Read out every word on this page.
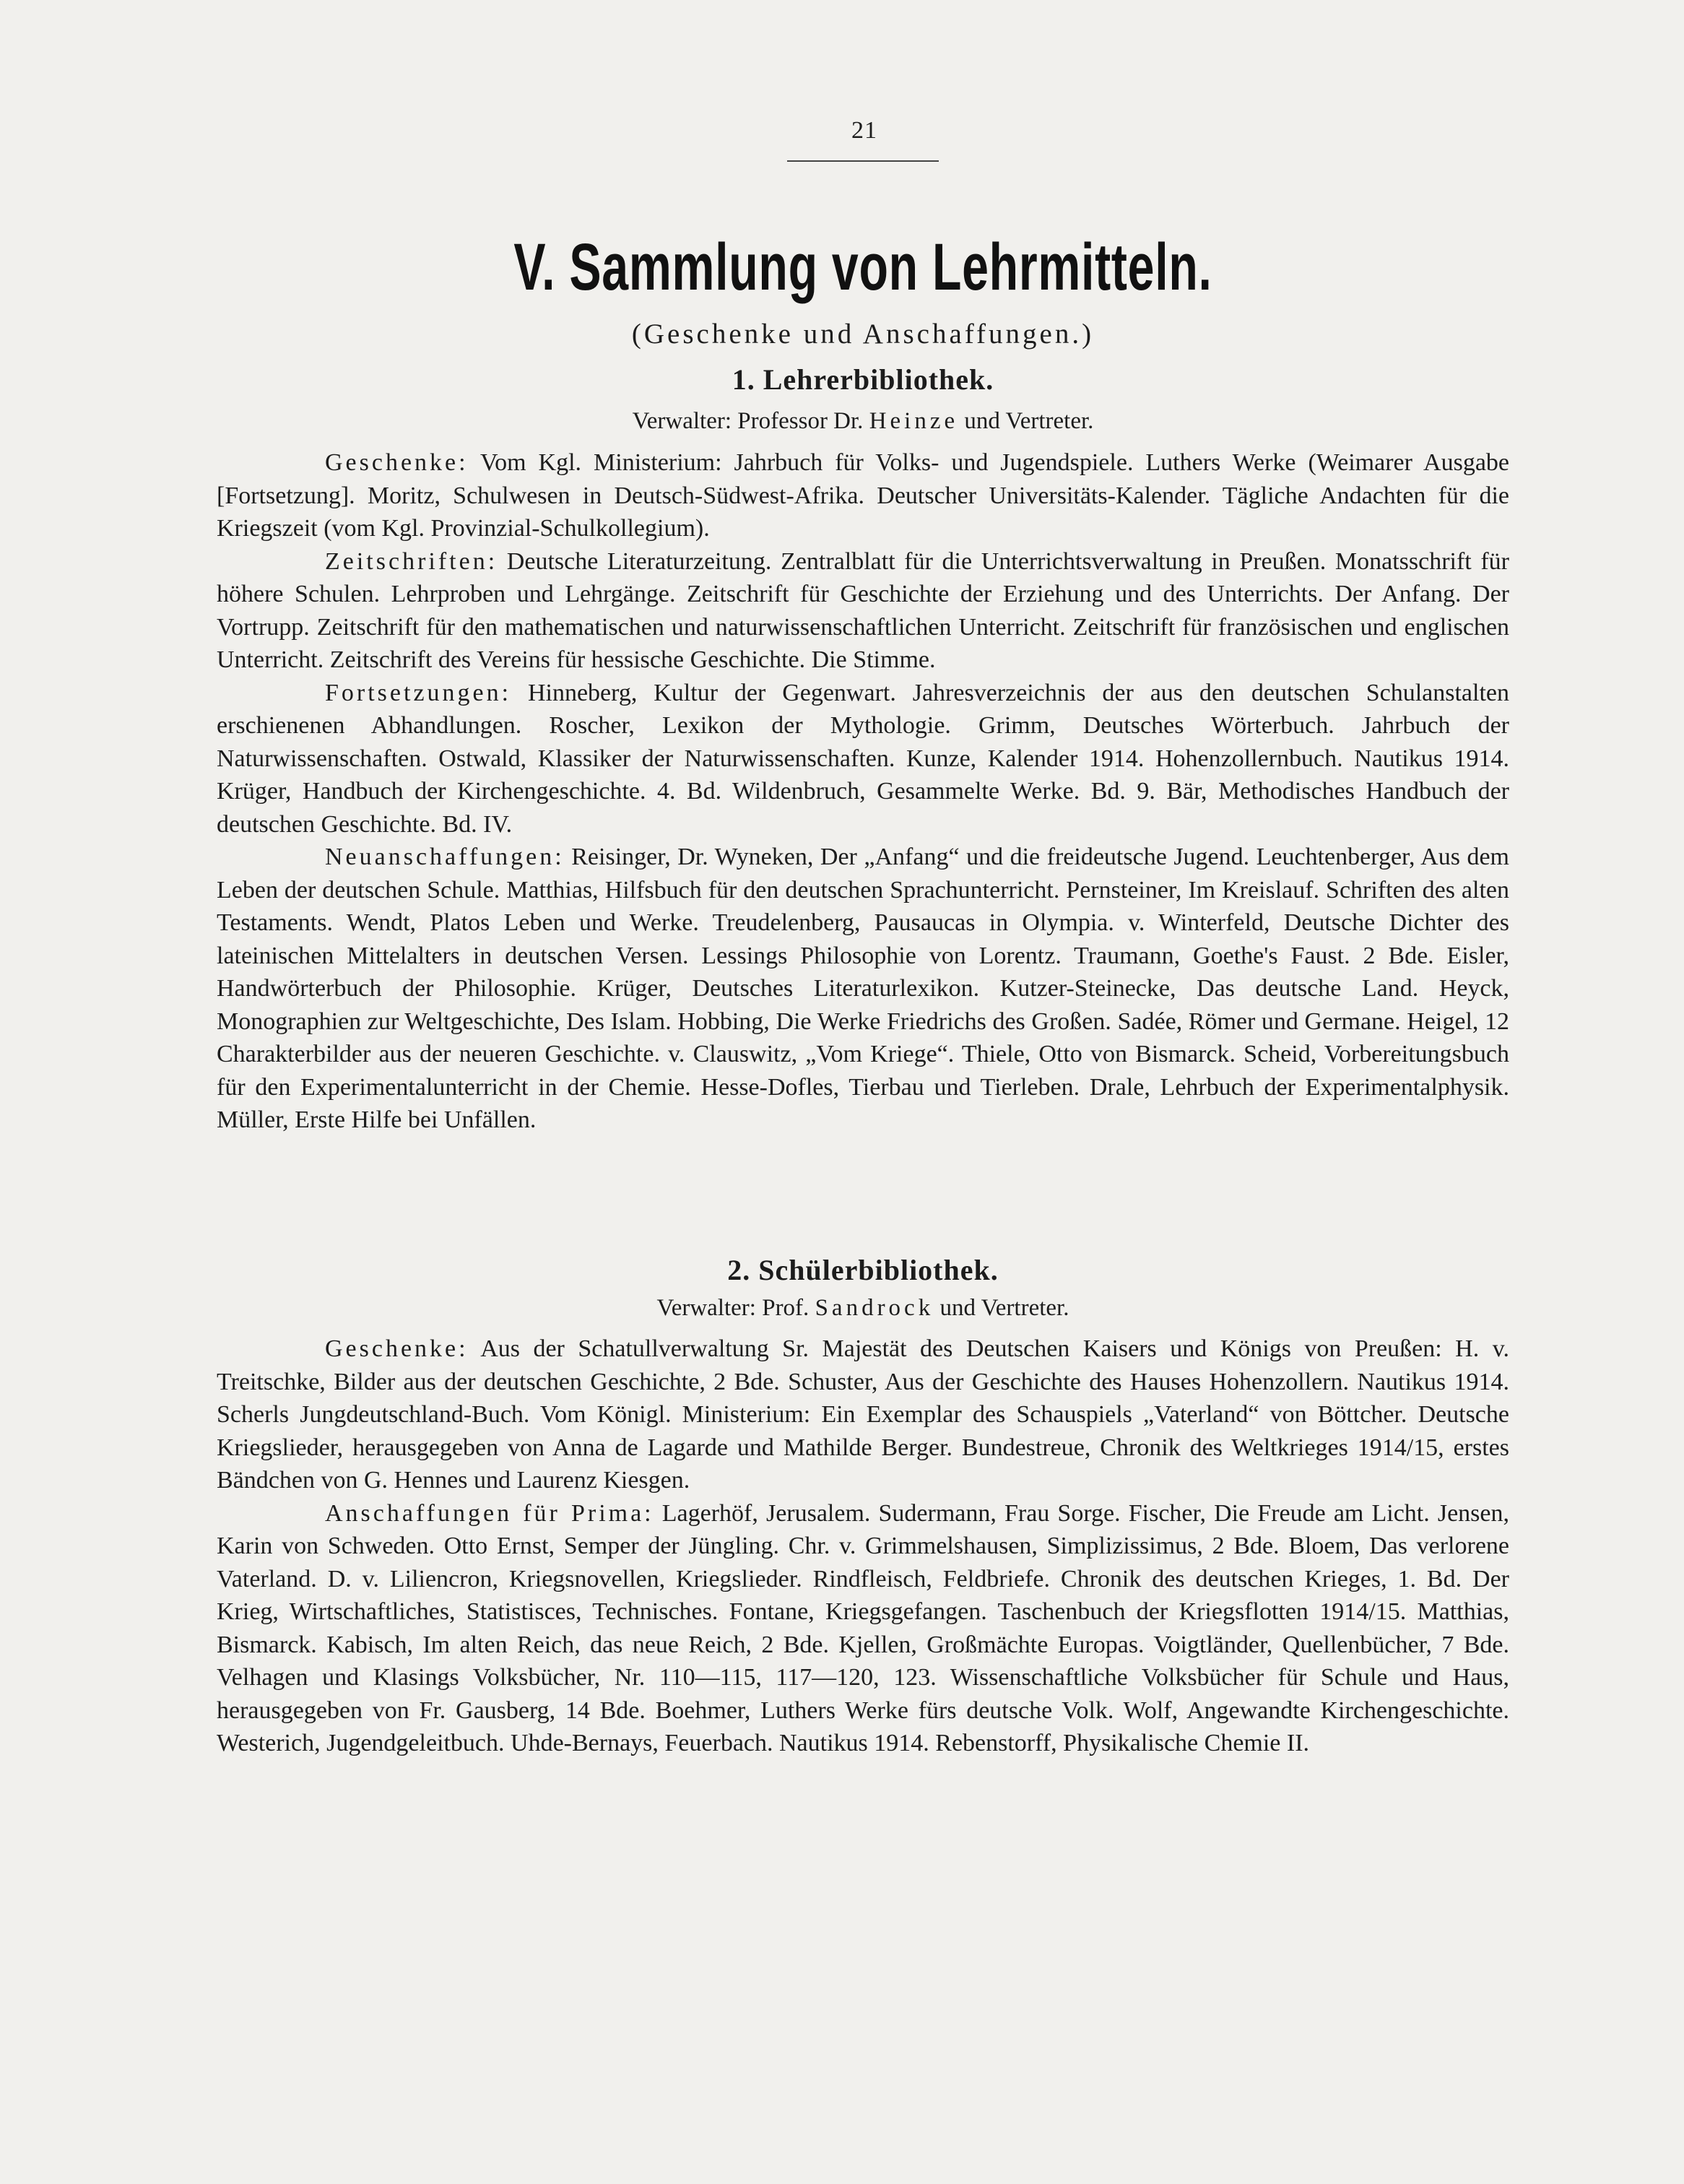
21
V. Sammlung von Lehrmitteln.
(Geschenke und Anschaffungen.)
1. Lehrerbibliothek.
Verwalter: Professor Dr. Heinze und Vertreter.

Geschenke: Vom Kgl. Ministerium: Jahrbuch für Volks- und Jugendspiele. Luthers Werke (Weimarer Ausgabe [Fortsetzung]. Moritz, Schulwesen in Deutsch-Südwest-Afrika. Deutscher Universitäts-Kalender. Tägliche Andachten für die Kriegszeit (vom Kgl. Provinzial-Schulkollegium).

Zeitschriften: Deutsche Literaturzeitung. Zentralblatt für die Unterrichtsverwaltung in Preußen. Monatsschrift für höhere Schulen. Lehrproben und Lehrgänge. Zeitschrift für Geschichte der Erziehung und des Unterrichts. Der Anfang. Der Vortrupp. Zeitschrift für den mathematischen und naturwissenschaftlichen Unterricht. Zeitschrift für französischen und englischen Unterricht. Zeitschrift des Vereins für hessische Geschichte. Die Stimme.

Fortsetzungen: Hinneberg, Kultur der Gegenwart. Jahresverzeichnis der aus den deutschen Schulanstalten erschienenen Abhandlungen. Roscher, Lexikon der Mythologie. Grimm, Deutsches Wörterbuch. Jahrbuch der Naturwissenschaften. Ostwald, Klassiker der Naturwissenschaften. Kunze, Kalender 1914. Hohenzollernbuch. Nautikus 1914. Krüger, Handbuch der Kirchengeschichte. 4. Bd. Wildenbruch, Gesammelte Werke. Bd. 9. Bär, Methodisches Handbuch der deutschen Geschichte. Bd. IV.

Neuanschaffungen: Reisinger, Dr. Wyneken, Der „Anfang“ und die freideutsche Jugend. Leuchtenberger, Aus dem Leben der deutschen Schule. Matthias, Hilfsbuch für den deutschen Sprachunterricht. Pernsteiner, Im Kreislauf. Schriften des alten Testaments. Wendt, Platos Leben und Werke. Treudelenberg, Pausaucas in Olympia. v. Winterfeld, Deutsche Dichter des lateinischen Mittelalters in deutschen Versen. Lessings Philosophie von Lorentz. Traumann, Goethe's Faust. 2 Bde. Eisler, Handwörterbuch der Philosophie. Krüger, Deutsches Literaturlexikon. Kutzer-Steinecke, Das deutsche Land. Heyck, Monographien zur Weltgeschichte, Des Islam. Hobbing, Die Werke Friedrichs des Großen. Sadée, Römer und Germane. Heigel, 12 Charakterbilder aus der neueren Geschichte. v. Clauswitz, „Vom Kriege“. Thiele, Otto von Bismarck. Scheid, Vorbereitungsbuch für den Experimentalunterricht in der Chemie. Hesse-Dofles, Tierbau und Tierleben. Drale, Lehrbuch der Experimentalphysik. Müller, Erste Hilfe bei Unfällen.

2. Schülerbibliothek.
Verwalter: Prof. Sandrock und Vertreter.

Geschenke: Aus der Schatullverwaltung Sr. Majestät des Deutschen Kaisers und Königs von Preußen: H. v. Treitschke, Bilder aus der deutschen Geschichte, 2 Bde. Schuster, Aus der Geschichte des Hauses Hohenzollern. Nautikus 1914. Scherls Jungdeutschland-Buch. Vom Königl. Ministerium: Ein Exemplar des Schauspiels „Vaterland“ von Böttcher. Deutsche Kriegslieder, herausgegeben von Anna de Lagarde und Mathilde Berger. Bundestreue, Chronik des Weltkrieges 1914/15, erstes Bändchen von G. Hennes und Laurenz Kiesgen.

Anschaffungen für Prima: Lagerhöf, Jerusalem. Sudermann, Frau Sorge. Fischer, Die Freude am Licht. Jensen, Karin von Schweden. Otto Ernst, Semper der Jüngling. Chr. v. Grimmelshausen, Simplizissimus, 2 Bde. Bloem, Das verlorene Vaterland. D. v. Liliencron, Kriegsnovellen, Kriegslieder. Rindfleisch, Feldbriefe. Chronik des deutschen Krieges, 1. Bd. Der Krieg, Wirtschaftliches, Statistisces, Technisches. Fontane, Kriegsgefangen. Taschenbuch der Kriegsflotten 1914/15. Matthias, Bismarck. Kabisch, Im alten Reich, das neue Reich, 2 Bde. Kjellen, Großmächte Europas. Voigtländer, Quellenbücher, 7 Bde. Velhagen und Klasings Volksbücher, Nr. 110—115, 117—120, 123. Wissenschaftliche Volksbücher für Schule und Haus, herausgegeben von Fr. Gausberg, 14 Bde. Boehmer, Luthers Werke fürs deutsche Volk. Wolf, Angewandte Kirchengeschichte. Westerich, Jugendgeleitbuch. Uhde-Bernays, Feuerbach. Nautikus 1914. Rebenstorff, Physikalische Chemie II.
